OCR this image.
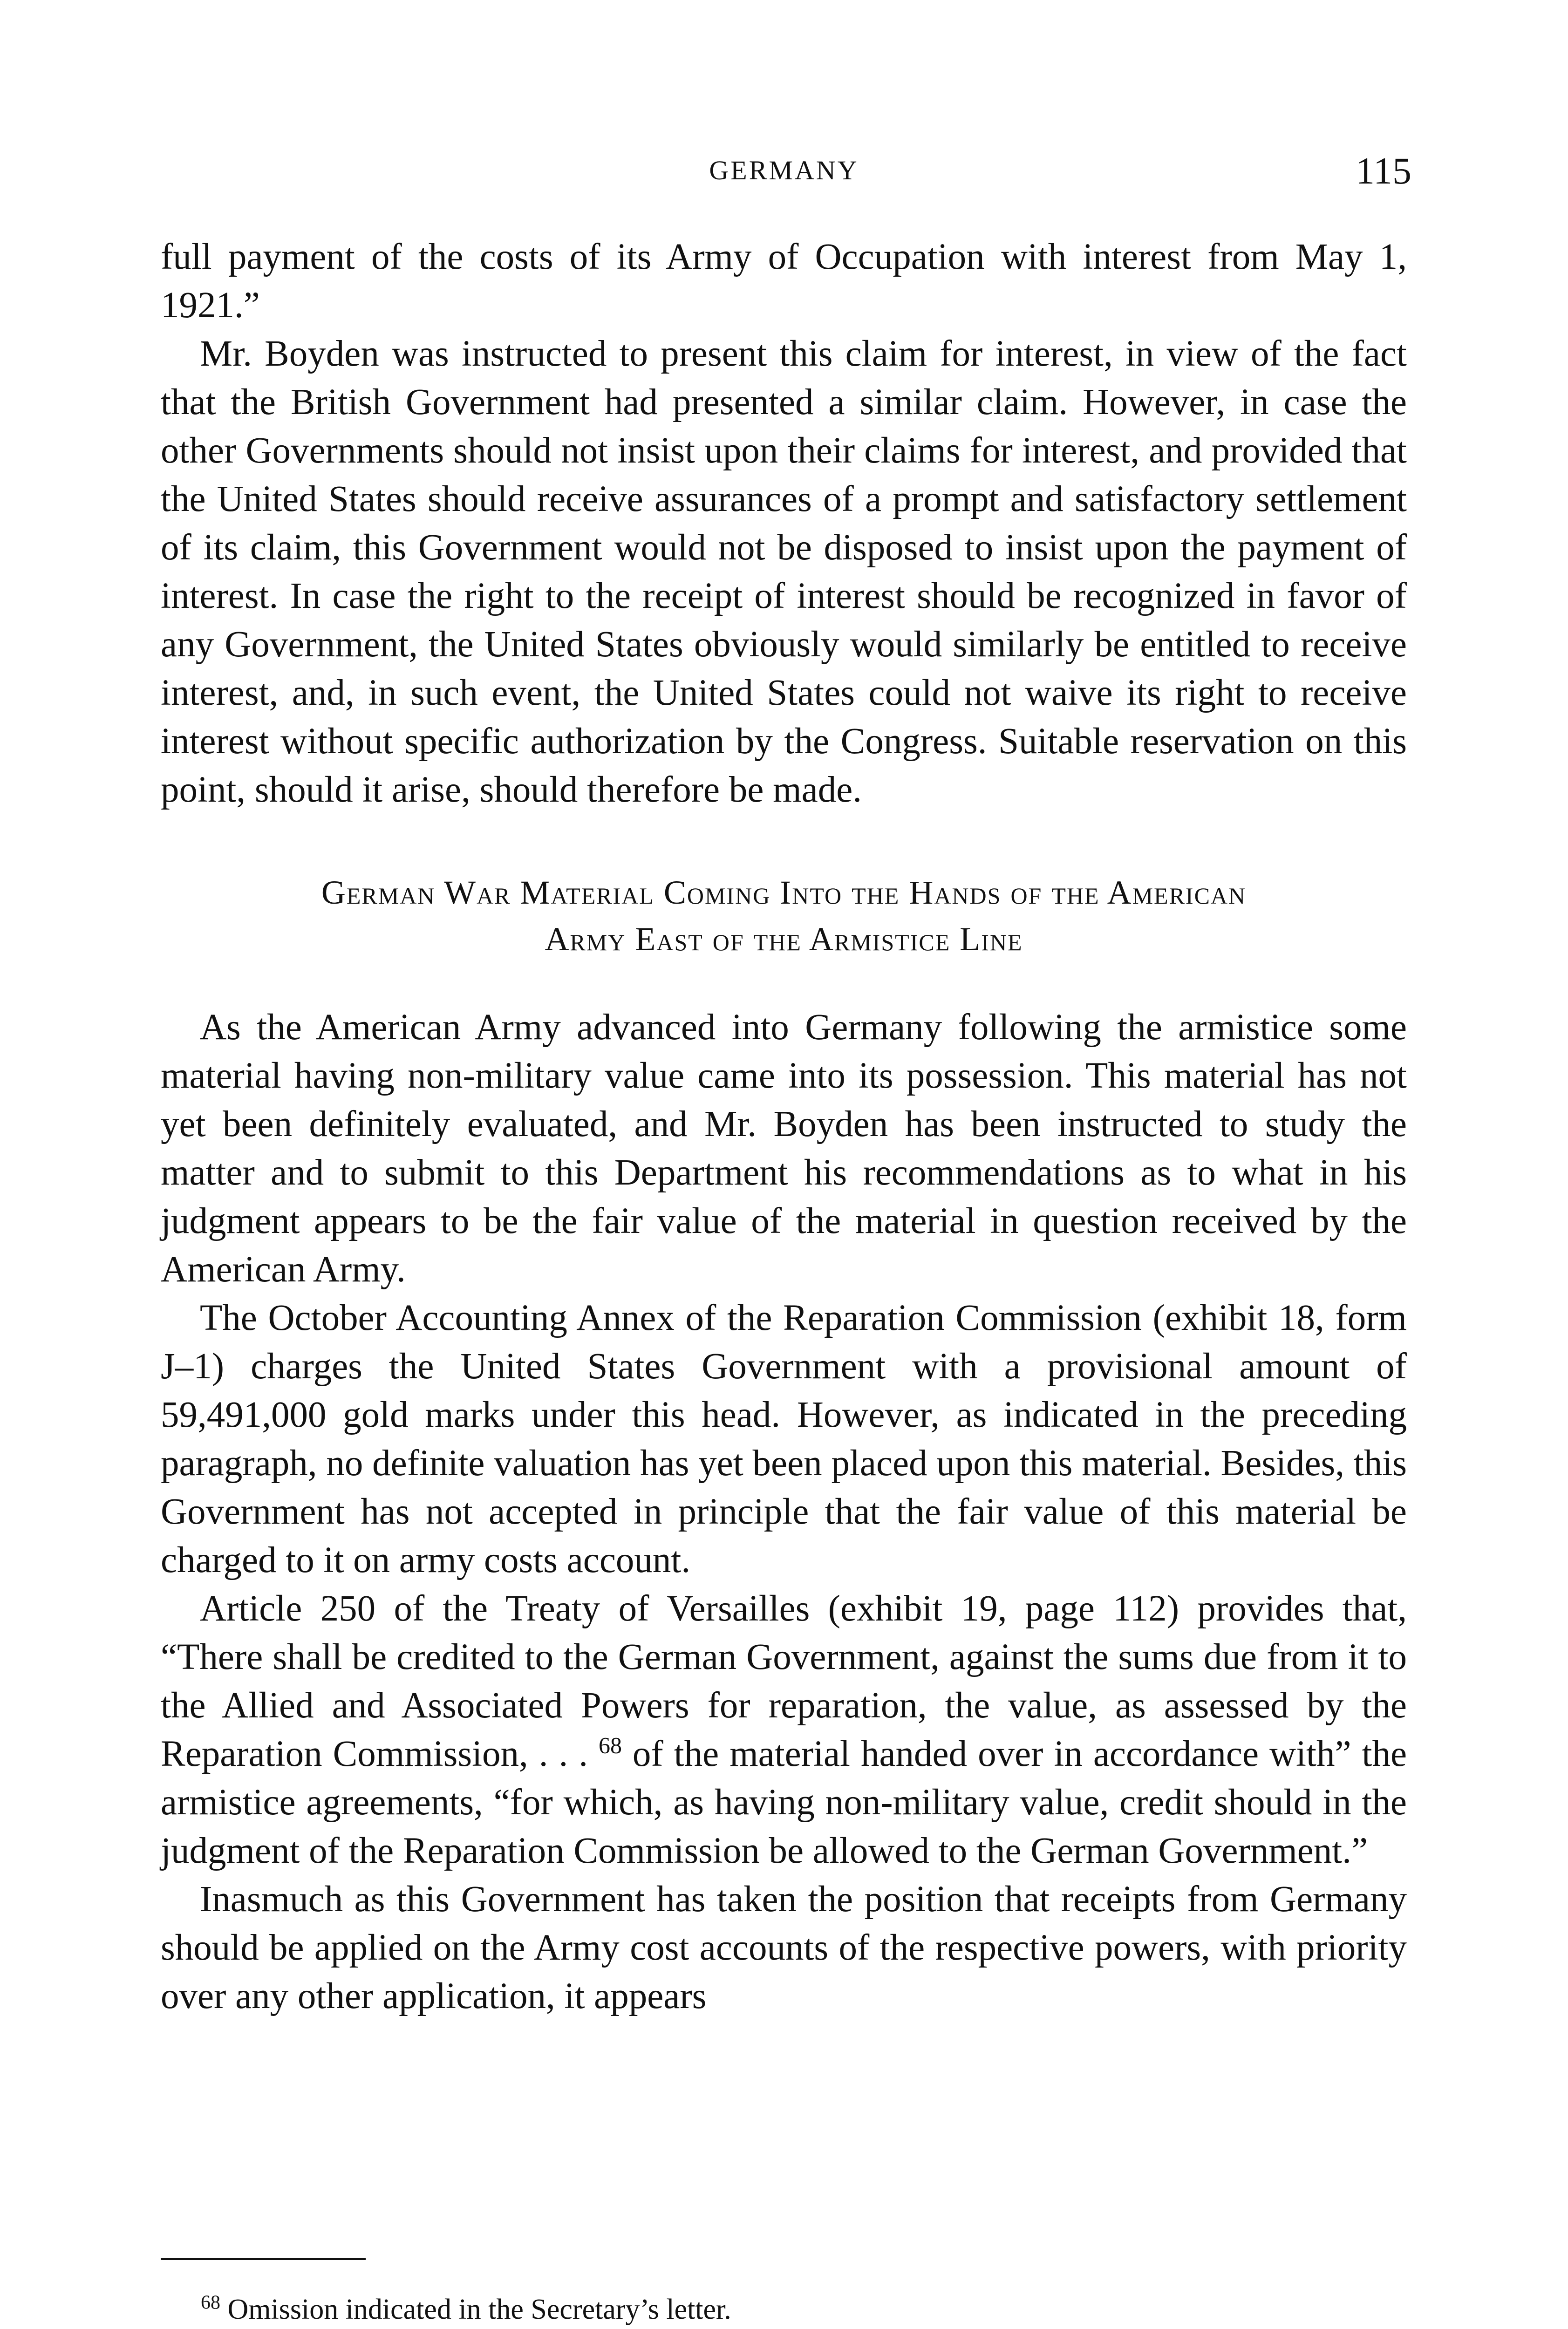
GERMANY	115

full payment of the costs of its Army of Occupation with interest from May 1, 1921.”

Mr. Boyden was instructed to present this claim for interest, in view of the fact that the British Government had presented a similar claim. However, in case the other Governments should not insist upon their claims for interest, and provided that the United States should receive assurances of a prompt and satisfactory settlement of its claim, this Government would not be disposed to insist upon the payment of interest. In case the right to the receipt of interest should be recognized in favor of any Government, the United States obviously would similarly be entitled to receive interest, and, in such event, the United States could not waive its right to receive interest without specific authorization by the Congress. Suitable reservation on this point, should it arise, should therefore be made.

German War Material Coming Into the Hands of the American
Army East of the Armistice Line

As the American Army advanced into Germany following the armistice some material having non-military value came into its possession. This material has not yet been definitely evaluated, and Mr. Boyden has been instructed to study the matter and to submit to this Department his recommendations as to what in his judgment appears to be the fair value of the material in question received by the American Army.

The October Accounting Annex of the Reparation Commission (exhibit 18, form J–1) charges the United States Government with a provisional amount of 59,491,000 gold marks under this head. However, as indicated in the preceding paragraph, no definite valuation has yet been placed upon this material. Besides, this Government has not accepted in principle that the fair value of this material be charged to it on army costs account.

Article 250 of the Treaty of Versailles (exhibit 19, page 112) provides that, “There shall be credited to the German Government, against the sums due from it to the Allied and Associated Powers for reparation, the value, as assessed by the Reparation Commission, . . . $^{68}$ of the material handed over in accordance with” the armistice agreements, “for which, as having non-military value, credit should in the judgment of the Reparation Commission be allowed to the German Government.”

Inasmuch as this Government has taken the position that receipts from Germany should be applied on the Army cost accounts of the respective powers, with priority over any other application, it appears

$^{68}$ Omission indicated in the Secretary’s letter.
